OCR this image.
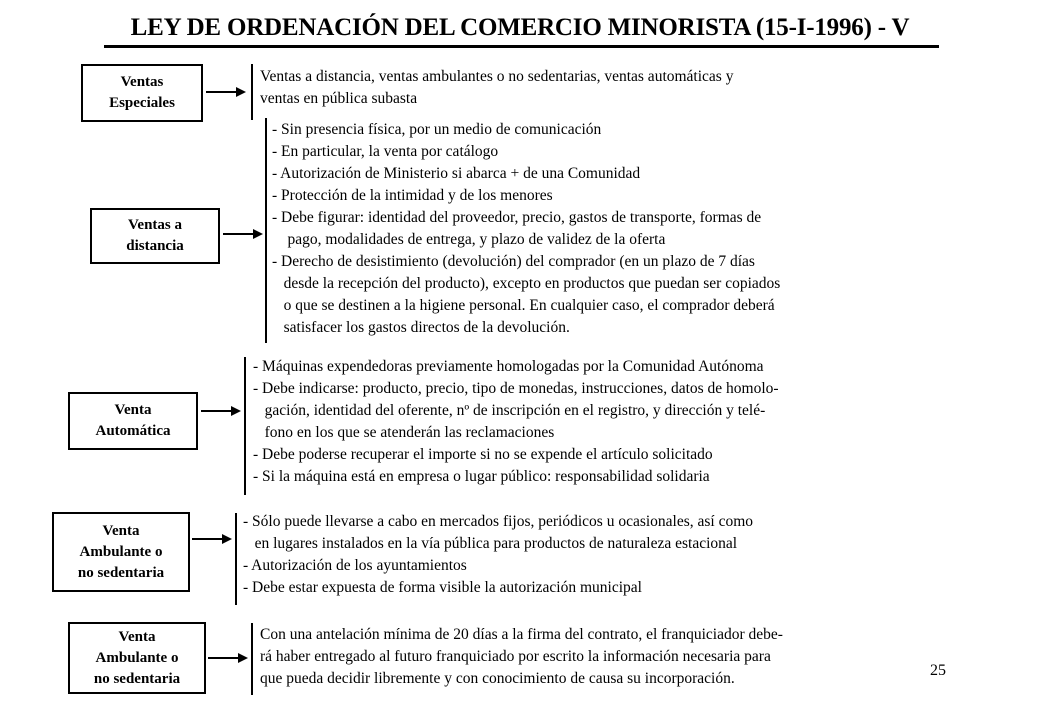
LEY DE ORDENACIÓN DEL COMERCIO MINORISTA (15-I-1996) - V
Ventas
Especiales
Ventas a distancia, ventas ambulantes o no sedentarias, ventas automáticas y
ventas en pública subasta
Ventas a
distancia
- Sin presencia física, por un medio de comunicación
- En particular, la venta por catálogo
- Autorización de Ministerio si abarca + de una Comunidad
- Protección de la intimidad y de los menores
- Debe figurar: identidad del proveedor, precio, gastos de transporte, formas de
pago, modalidades de entrega, y plazo de validez de la oferta
- Derecho de desistimiento (devolución) del comprador (en un plazo de 7 días
desde la recepción del producto), excepto en productos que puedan ser copiados
o que se destinen a la higiene personal. En cualquier caso, el comprador deberá
satisfacer los gastos directos de la devolución.
Venta
Automática
- Máquinas expendedoras previamente homologadas por la Comunidad Autónoma
- Debe indicarse: producto, precio, tipo de monedas, instrucciones, datos de homolo-
gación, identidad del oferente, nº de inscripción en el registro, y dirección y telé-
fono en los que se atenderán las reclamaciones
- Debe poderse recuperar el importe si no se expende el artículo solicitado
- Si la máquina está en empresa o lugar público: responsabilidad solidaria
Venta
Ambulante o
no sedentaria
- Sólo puede llevarse a cabo en mercados fijos, periódicos u ocasionales, así como
en lugares instalados en la vía pública para productos de naturaleza estacional
- Autorización de los ayuntamientos
- Debe estar expuesta de forma visible la autorización municipal
Venta
Ambulante o
no sedentaria
Con una antelación mínima de 20 días a la firma del contrato, el franquiciador debe-
rá haber entregado al futuro franquiciado por escrito la información necesaria para
que pueda decidir libremente y con conocimiento de causa su incorporación.	25
